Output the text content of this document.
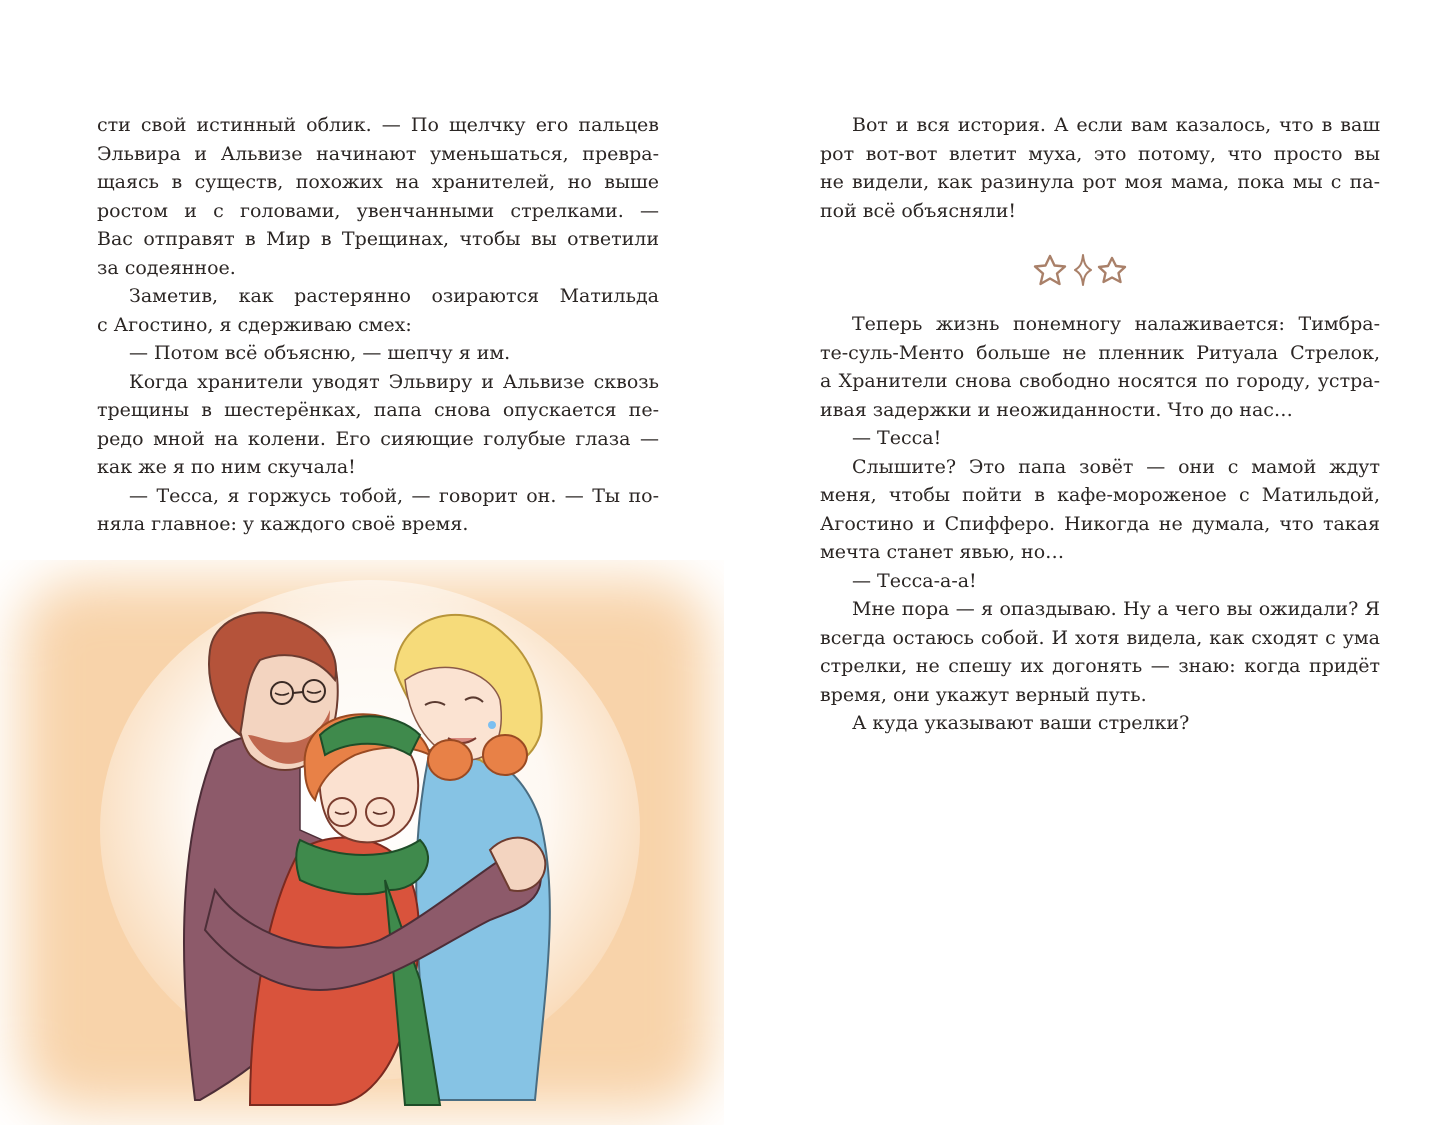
сти свой истинный облик. — По щелчку его пальцев
Эльвира и Альвизе начинают уменьшаться, превра-
щаясь в существ, похожих на хранителей, но выше
ростом и с головами, увенчанными стрелками. —
Вас отправят в Мир в Трещинах, чтобы вы ответили
за содеянное.
Заметив, как растерянно озираются Матильда
с Агостино, я сдерживаю смех:
— Потом всё объясню, — шепчу я им.
Когда хранители уводят Эльвиру и Альвизе сквозь
трещины в шестерёнках, папа снова опускается пе-
редо мной на колени. Его сияющие голубые глаза —
как же я по ним скучала!
— Тесса, я горжусь тобой, — говорит он. — Ты по-
няла главное: у каждого своё время.
Вот и вся история. А если вам казалось, что в ваш
рот вот-вот влетит муха, это потому, что просто вы
не видели, как разинула рот моя мама, пока мы с па-
пой всё объясняли!
Теперь жизнь понемногу налаживается: Тимбра-
те-суль-Менто больше не пленник Ритуала Стрелок,
а Хранители снова свободно носятся по городу, устра-
ивая задержки и неожиданности. Что до нас…
— Тесса!
Слышите? Это папа зовёт — они с мамой ждут
меня, чтобы пойти в кафе-мороженое с Матильдой,
Агостино и Спифферо. Никогда не думала, что такая
мечта станет явью, но…
— Тесса-а-а!
Мне пора — я опаздываю. Ну а чего вы ожидали? Я
всегда остаюсь собой. И хотя видела, как сходят с ума
стрелки, не спешу их догонять — знаю: когда придёт
время, они укажут верный путь.
А куда указывают ваши стрелки?
